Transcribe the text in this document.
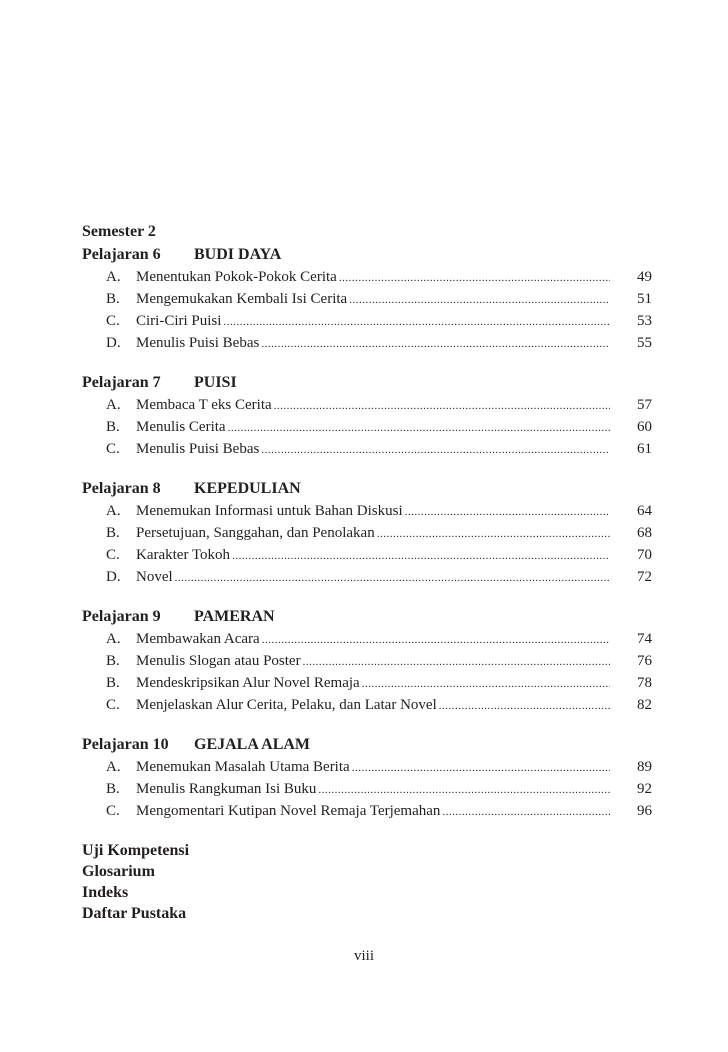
Semester 2
Pelajaran 6	BUDI DAYA
A.	Menentukan Pokok-Pokok Cerita .....	49
B.	Mengemukakan Kembali Isi Cerita .....	51
C.	Ciri-Ciri Puisi .....	53
D.	Menulis Puisi Bebas .....	55
Pelajaran 7	PUISI
A.	Membaca T eks Cerita .....	57
B.	Menulis Cerita .....	60
C.	Menulis Puisi Bebas .....	61
Pelajaran 8	KEPEDULIAN
A.	Menemukan Informasi untuk Bahan Diskusi .....	64
B.	Persetujuan, Sanggahan, dan Penolakan .....	68
C.	Karakter Tokoh .....	70
D.	Novel .....	72
Pelajaran 9	PAMERAN
A.	Membawakan Acara .....	74
B.	Menulis Slogan atau Poster .....	76
B.	Mendeskripsikan Alur Novel Remaja .....	78
C.	Menjelaskan Alur Cerita, Pelaku, dan Latar Novel .....	82
Pelajaran 10	GEJALA ALAM
A.	Menemukan Masalah Utama Berita .....	89
B.	Menulis Rangkuman Isi Buku .....	92
C.	Mengomentari Kutipan Novel Remaja Terjemahan .....	96
Uji Kompetensi
Glosarium
Indeks
Daftar Pustaka
viii
